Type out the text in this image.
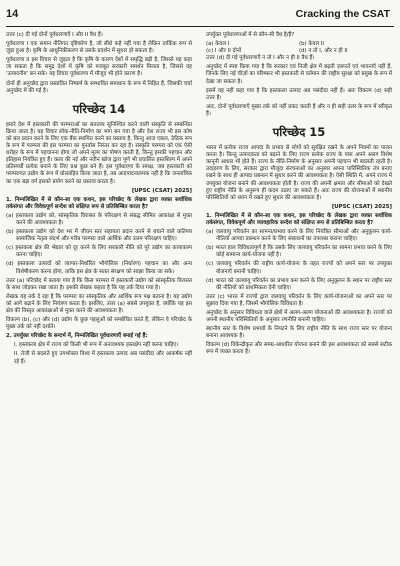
14	Cracking the CSAT

उत्तर (c) दी गई दोनों पूर्वधारणाएँ I और II वैध हैं।

पूर्वधारणा I एक समान नीतिगत दृष्टिकोण है, जो सीधे कहे नहीं गया है लेकिन तार्किक रूप से जुड़ा हुआ है। कृषि के आधुनिकीकरण से उसके प्रदर्शन में सुधार हो सकता है।

पूर्वधारणा II इस विचार से जुड़ता है कि कृषि के कारण देशों में समृद्धि बढ़ी है, जिससे यह कहा जा सकता है कि समुद्र देशों में कृषि को मजबूत सरकारी समर्थन मिलता है, जिससे वह 'उत्पादनीय' बन सके। यह विचार पूर्वधारणा में मौजूद भी होने कारण है।

दोनों ही अनुच्छेद द्वारा प्रस्तावित निष्कर्ष के सम्भावित समाधान के रूप में निहित हैं, जिसकी चर्चा अनुच्छेद में की गई है।

परिच्छेद 14

हमारे देश में हस्तकारी की परम्पराओं का सततव्य सुनिश्चित करने वाली संस्कृति से सम्बन्धित क्रिया जाता है। यह विचार लोक-नीति-निर्माण का भाग बन गया है और देश राज्य भी इस कोष को बल प्रदान करने के लिए एक बैंक स्थापित करने का प्रस्ताव है, किन्तु आज एकल, ठेठिक रूप के रूप में परम्परा की इस परम्परा का पुनर्वास निरंतर कर रहा है। संस्कृति परम्परा को एक ऐसी धरोहर के रूप में पहचानना होगा जो अपने मूल्य का पोषण करती है, किन्तु इसकी पहचान और इतिहास नियंत्रित हुए हैं। कला की नई और नवीन खोज द्वारा पूर्ण भी प्रचालित हस्तशिल्प में अपने प्रतिस्पर्धी प्रत्येक बनाने के लिए प्रश्न कुछ बने हैं। इस पूर्वधारणा के समक्ष, जब हस्तकारी को परम्परागत उद्योग के रूप में प्रोत्साहित किया जाता है, तब आदपादनालमक नहीं है कि जनतांत्रिक का एक बड़ा वर्ग इसको प्रयोग करने का प्रस्ताव करता है।

[UPSC (CSAT) 2025]

1. निम्नलिखित में से कौन-सा एक कथन, इस परिच्छेद के लेखक द्वारा व्यक्त सर्वाधिक तर्कसंगत और विवेकपूर्ण सन्देश को संक्षिप्त रूप से प्रतिबिम्बित करता है?

(a) हस्तकला उद्योग को, सांस्कृतिक विरासत के परिरक्षण से संबद्ध सीमित आकांक्षा से मुक्त करने की आवश्यकता है।

(b) हस्तकला उद्योग को देश भर में जीवन स्तर सहायता प्रदान करने से बचाने वाले कतिपय सामाजिक नेतृत्व संदर्भ और गरीब परम्परा वाले आर्थिक और उत्तम परिरक्षण चाहिए।

(c) हस्तकला क्षेत्र की भेद्यता को दूर करने के लिए सरकारी नीति को पूरे उद्योग का कायाकल्प करना चाहिए।

(d) हस्तकला उत्पादों को व्यापार-निर्धारित भौगोलिक (निर्धारण) पहचान का और अन्य विशेषीकरण करना होगा, ताकि इस क्षेत्र के सतत संरक्षण को साझा किया जा सके।

उत्तर (a) परिच्छेद में बताया गया है कि किस परम्परा में हस्तकारी उद्योग को सांस्कृतिक विरासत के साथ जोड़कर रखा जाता है। इसकी लेखक कहता है कि यह तर्क दिया गया है।

लेखक यह तर्क दे रहा है कि परम्परा का सांस्कृतिक और आर्थिक रूप पक्ष बताना है। यह उद्योग को आगे बढ़ाने के लिए नियंत्रण करता है। इसलिए, उत्तर (a) सबसे उपयुक्त है, क्योंकि यह इस क्षेत्र की विस्तृत आकांक्षाओं से मुक्त करने की आवश्यकता है।

विकल्प (b), (c) और (d) उद्योग के कुछ पहलुओं को सम्बोधित करते हैं, लेकिन वे परिच्छेद के मुख्य तर्क को नहीं दर्शाते।

2. उपर्युक्त परिच्छेद के सन्दर्भ में, निम्नलिखित पूर्वधारणाएँ बनाई गई हैं:

I. हस्तकला क्षेत्र में राज्य को किसी भी रूप में अनावश्यक हस्तक्षेप नहीं करना चाहिए।

II. तेजी से बदलते हुए उपभोक्ता विश्व में हस्तकला उत्पाद अब पसंदीदा और आकर्षक नहीं रहे हैं।

उपर्युक्त पूर्वधारणाओं में से कौन-सी वैध है/हैं?

(a) केवल I	(b) केवल II
(c) I और II दोनों	(d) न तो I, और न ही II

उत्तर (d) दी गई पूर्वधारणाएँ न तो I और न ही II वैध हैं।

अनुच्छेद में स्पष्ट किया गया है कि सरकार एवं निजी क्षेत्र में बढ़ती ज़रूरतें एवं भावनाएँ नहीं हैं, जिनके लिए नई चीज़ों का परिष्कार भी हस्तकारी से वर्तमान की राष्ट्रीय सुरक्षा को प्रमुख के रूप में देखा जा सकता है।

इसमें यह नहीं कहा गया है कि हस्तकला उत्पाद अब पसंदीदा नहीं हैं। अतः विकल्प (d) सही उत्तर है।

अतः, दोनों पूर्वधारणाएँ मुख्य तर्क को नहीं प्रकट करती हैं और न ही सही उत्तर के रूप में स्वीकृत हैं।

परिच्छेद 15

भारत में प्रत्येक राज्य आपदा के प्रभाव से लोगों को सुरक्षित रखने के अपने नियमों का पालन करता है। किन्तु उत्पादकता को बढ़ाने के लिए राज्य प्रत्येक राज्य के पास अपने अलग विशेष कानूनी आधार भी होते हैं। राज्य के नीति-निर्माण के अनुसार अपनी पहचान भी बदलती रहती है। उदाहरण के लिए, सरकार द्वारा मौजूदा संरचनाओं का अनुसार अपना पारिस्थितिक तंत्र बनाए रखने के साथ ही आपदा प्रबन्धन में सुधार करने की आवश्यकता है। ऐसी स्थिति में, अपने राज्य में उपयुक्त योजना बनाने की आवश्यकता होती है। राज्य की अपनी क्षमता और सीमाओं को देखते हुए राष्ट्रीय नीति के अनुरूप ही कदम उठाए जा सकते हैं। अतः राज्य की योजनाओं में स्थानीय परिस्थितियों को ध्यान में रखते हुए सुधार की आवश्यकता है।

[UPSC (CSAT) 2025]

1. निम्नलिखित में से कौन-सा एक कथन, इस परिच्छेद के लेखक द्वारा व्यक्त सर्वाधिक तर्कसंगत, विवेकपूर्ण और व्यावहारिक सन्देश को संक्षिप्त रूप से प्रतिबिम्बित करता है?

(a) जलवायु परिवर्तन का सामना/प्रभाव करने के लिए नियंत्रित सीमाओं और अनुकूलन कार्य-नीतियों आपदा प्रबन्धन करने के लिए संसाधनों का उपलब्ध कराना चाहिए।

(b) भारत हाल विविधतापूर्ण है कि उसके लिए जलवायु परिवर्तन का सामना प्रभाव करने के लिए कोई सामान्य कार्य-योजना नहीं है।

(c) जलवायु परिवर्तन की राष्ट्रीय कार्य-योजना के तहत राज्यों को अपने स्तर पर उपयुक्त योजनाएँ बनानी चाहिए।

(d) भारत को जलवायु परिवर्तन का प्रभाव कम करने के लिए अनुकूलन के स्थान पर राष्ट्रीय स्तर की नीतियों को प्राथमिकता देनी चाहिए।

उत्तर (c) भारत में राज्यों द्वारा जलवायु परिवर्तन के लिए कार्य-योजनाओं का अपने स्तर पर सुझाव दिया गया है, जिसमें भौगोलिक विविधता है।

अनुच्छेद के अनुसार विविधता वाले क्षेत्रों में अलग-अलग योजनाओं की आवश्यकता है। राज्यों को अपनी स्थानीय परिस्थितियों के अनुसार रणनीति बनानी चाहिए।

स्थानीय स्तर के विशेष प्रभावों के निपटने के लिए राष्ट्रीय नीति के साथ राज्य स्तर पर योजना बनाना आवश्यक है।

विकल्प (d) विकेन्द्रीकृत और समग्र-आधारित योजना बनाने की इस आवश्यकता को सबसे सटीक रूप में व्यक्त करता है।
